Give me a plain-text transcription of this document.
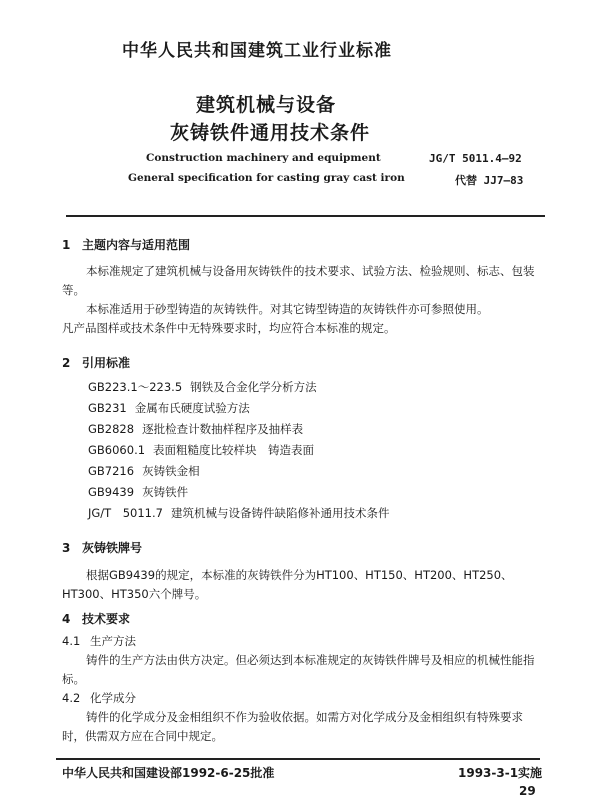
中华人民共和国建筑工业行业标准
建筑机械与设备
灰铸铁件通用技术条件
Construction machinery and equipment
General specification for casting gray cast iron
JG/T 5011.4—92
代替 JJ7—83
1 主题内容与适用范围
本标准规定了建筑机械与设备用灰铸铁件的技术要求、试验方法、检验规则、标志、包装等。
本标准适用于砂型铸造的灰铸铁件。对其它铸型铸造的灰铸铁件亦可参照使用。
凡产品图样或技术条件中无特殊要求时，均应符合本标准的规定。
2 引用标准
GB223.1～223.5 钢铁及合金化学分析方法
GB231 金属布氏硬度试验方法
GB2828 逐批检查计数抽样程序及抽样表
GB6060.1 表面粗糙度比较样块　铸造表面
GB7216 灰铸铁金相
GB9439 灰铸铁件
JG/T　5011.7 建筑机械与设备铸件缺陷修补通用技术条件
3 灰铸铁牌号
根据GB9439的规定，本标准的灰铸铁件分为HT100、HT150、HT200、HT250、HT300、HT350六个牌号。
4 技术要求
4.1 生产方法
铸件的生产方法由供方决定。但必须达到本标准规定的灰铸铁件牌号及相应的机械性能指标。
4.2 化学成分
铸件的化学成分及金相组织不作为验收依据。如需方对化学成分及金相组织有特殊要求时，供需双方应在合同中规定。
中华人民共和国建设部1992-6-25批准	1993-3-1实施
29
